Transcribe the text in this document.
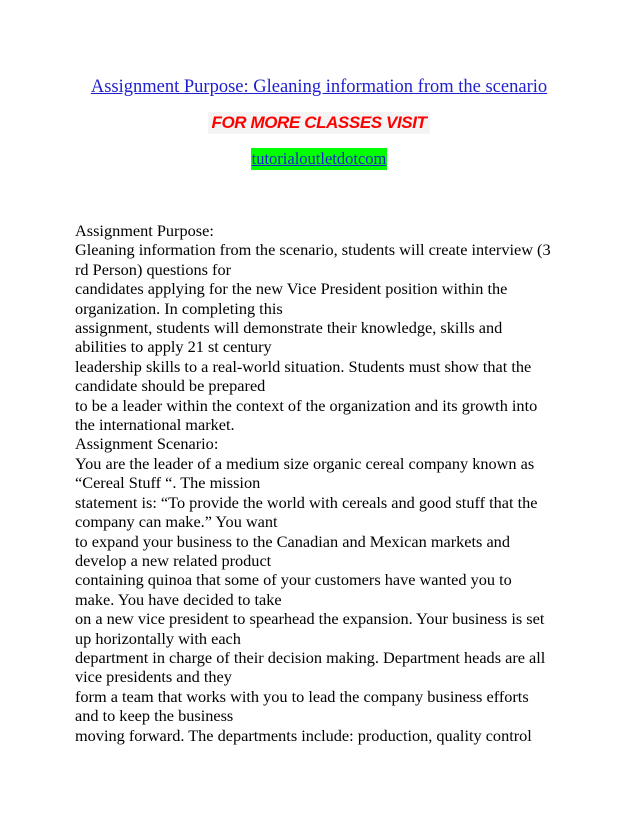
Assignment Purpose: Gleaning information from the scenario
FOR MORE CLASSES VISIT
tutorialoutletdotcom
Assignment Purpose:
Gleaning information from the scenario, students will create interview (3
rd Person) questions for
candidates applying for the new Vice President position within the
organization. In completing this
assignment, students will demonstrate their knowledge, skills and
abilities to apply 21 st century
leadership skills to a real-world situation. Students must show that the
candidate should be prepared
to be a leader within the context of the organization and its growth into
the international market.
Assignment Scenario:
You are the leader of a medium size organic cereal company known as
“Cereal Stuff “. The mission
statement is: “To provide the world with cereals and good stuff that the
company can make.” You want
to expand your business to the Canadian and Mexican markets and
develop a new related product
containing quinoa that some of your customers have wanted you to
make. You have decided to take
on a new vice president to spearhead the expansion. Your business is set
up horizontally with each
department in charge of their decision making. Department heads are all
vice presidents and they
form a team that works with you to lead the company business efforts
and to keep the business
moving forward. The departments include: production, quality control
